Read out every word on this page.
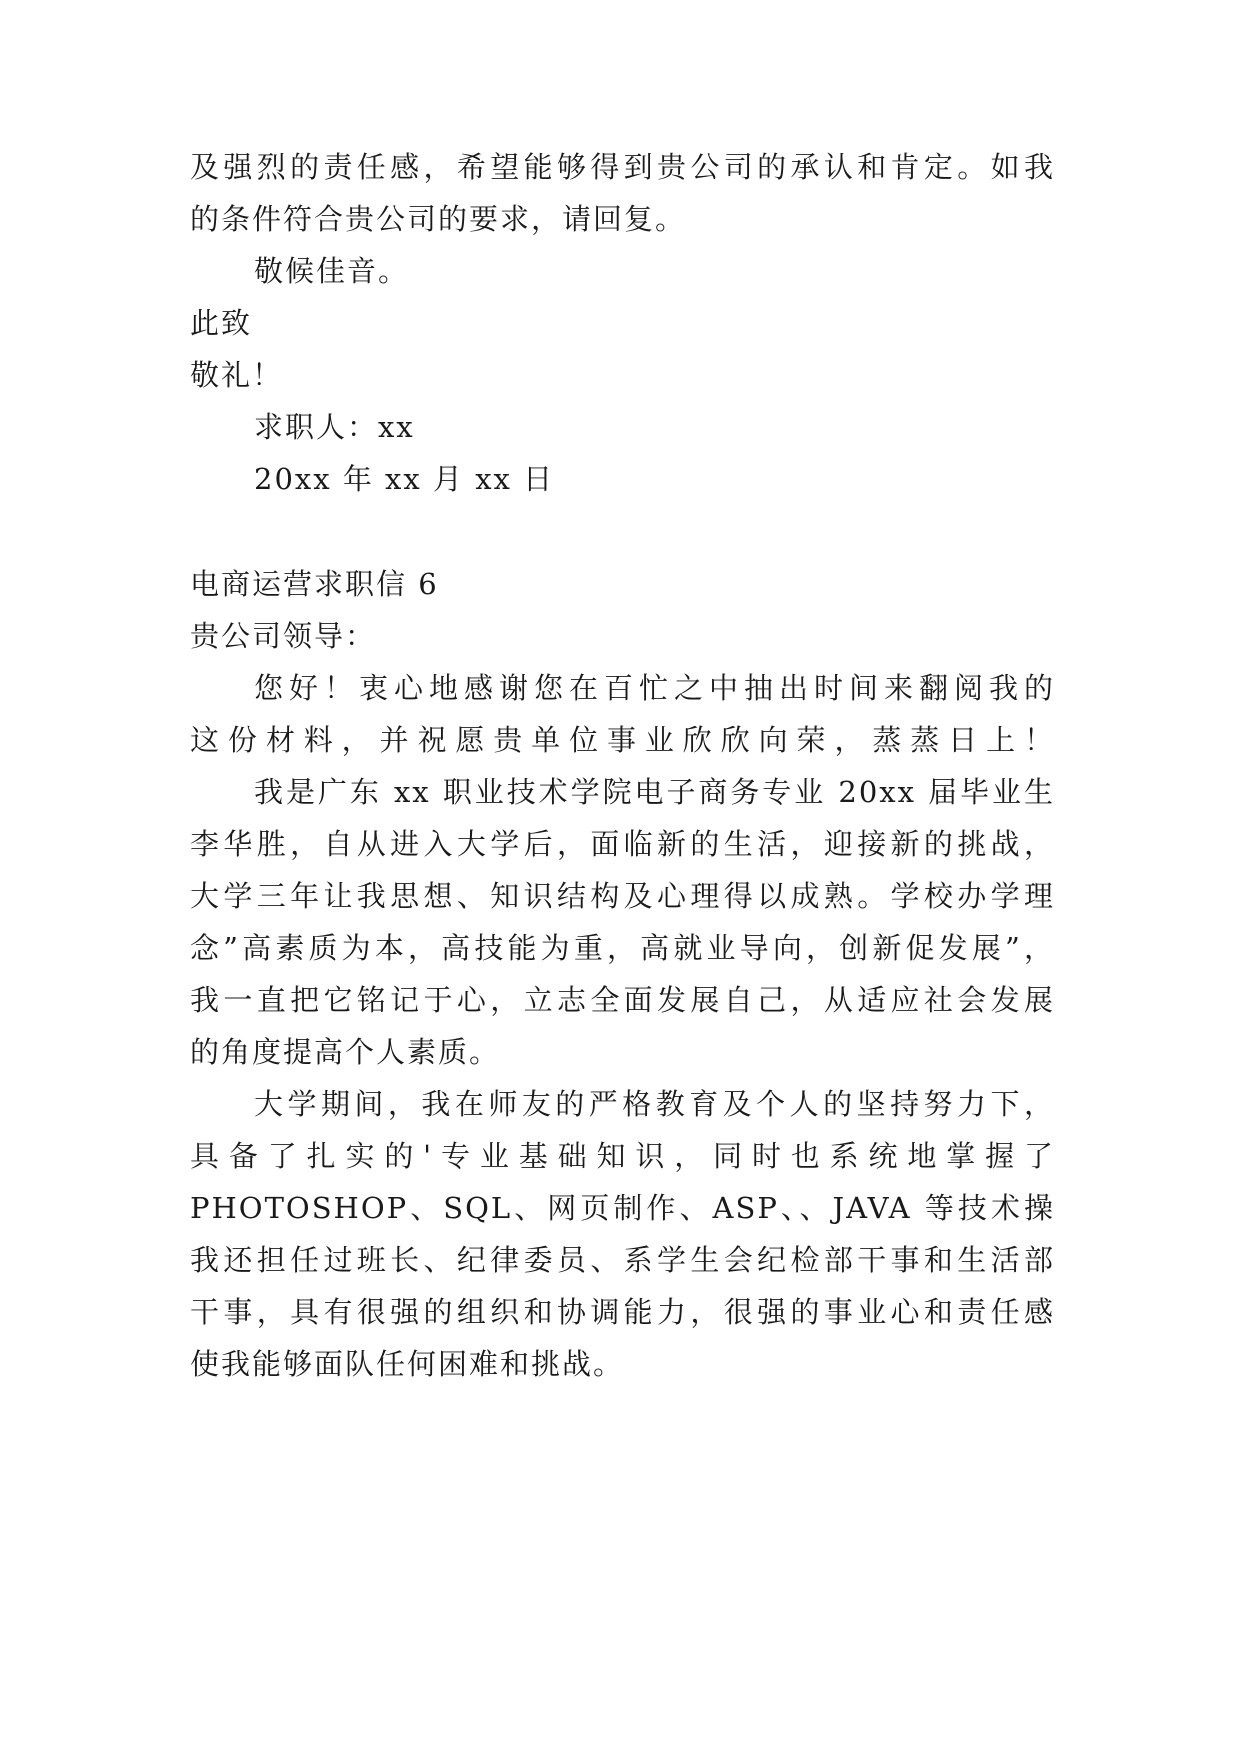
及强烈的责任感，希望能够得到贵公司的承认和肯定。如我
的条件符合贵公司的要求，请回复。
敬候佳音。
此致
敬礼！
求职人：xx
20xx 年 xx 月 xx 日
电商运营求职信 6
贵公司领导：
您好！衷心地感谢您在百忙之中抽出时间来翻阅我的
这份材料，并祝愿贵单位事业欣欣向荣，蒸蒸日上！
我是广东 xx 职业技术学院电子商务专业 20xx 届毕业生
李华胜，自从进入大学后，面临新的生活，迎接新的挑战，
大学三年让我思想、知识结构及心理得以成熟。学校办学理
念”高素质为本，高技能为重，高就业导向，创新促发展”，
我一直把它铭记于心，立志全面发展自己，从适应社会发展
的角度提高个人素质。
大学期间，我在师友的严格教育及个人的坚持努力下，
具备了扎实的'专业基础知识，同时也系统地掌握了
PHOTOSHOP、SQL、网页制作、ASP、、JAVA 等技术操
我还担任过班长、纪律委员、系学生会纪检部干事和生活部
干事，具有很强的组织和协调能力，很强的事业心和责任感
使我能够面队任何困难和挑战。
